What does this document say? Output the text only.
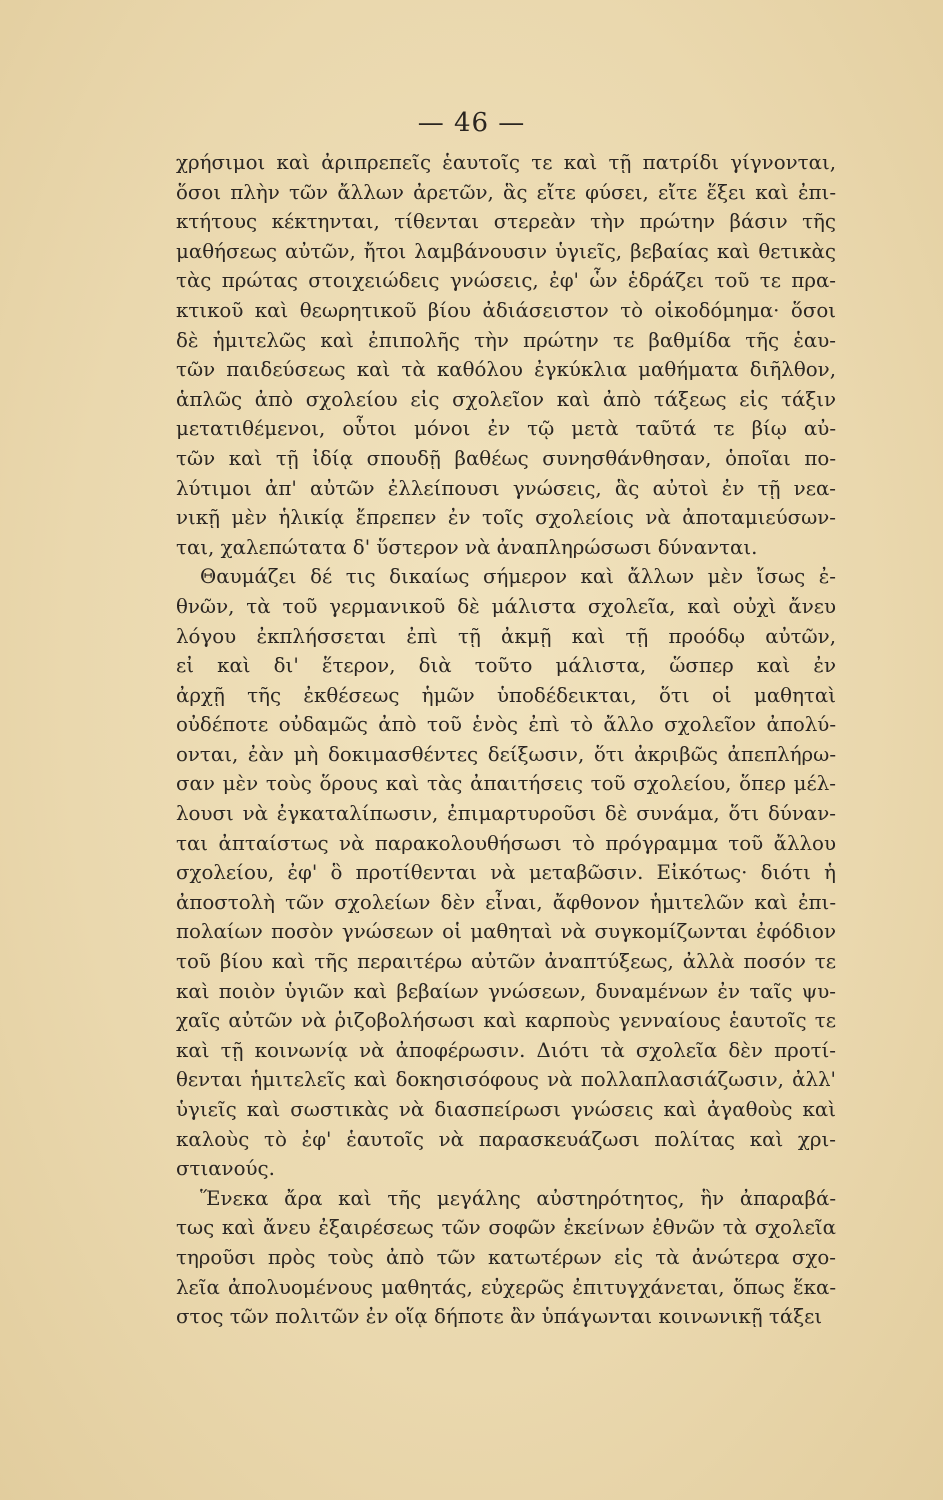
— 46 —
χρήσιμοι καὶ ἀριπρεπεῖς ἑαυτοῖς τε καὶ τῇ πατρίδι γίγνονται,
ὅσοι πλὴν τῶν ἄλλων ἀρετῶν, ἃς εἴτε φύσει, εἴτε ἕξει καὶ ἐπι-
κτήτους κέκτηνται, τίθενται στερεὰν τὴν πρώτην βάσιν τῆς
μαθήσεως αὐτῶν, ἤτοι λαμβάνουσιν ὑγιεῖς, βεβαίας καὶ θετικὰς
τὰς πρώτας στοιχειώδεις γνώσεις, ἐφ' ὧν ἑδράζει τοῦ τε πρα-
κτικοῦ καὶ θεωρητικοῦ βίου ἀδιάσειστον τὸ οἰκοδόμημα· ὅσοι
δὲ ἡμιτελῶς καὶ ἐπιπολῆς τὴν πρώτην τε βαθμίδα τῆς ἑαυ-
τῶν παιδεύσεως καὶ τὰ καθόλου ἐγκύκλια μαθήματα διῆλθον,
ἁπλῶς ἀπὸ σχολείου εἰς σχολεῖον καὶ ἀπὸ τάξεως εἰς τάξιν
μετατιθέμενοι, οὗτοι μόνοι ἐν τῷ μετὰ ταῦτά τε βίῳ αὐ-
τῶν καὶ τῇ ἰδίᾳ σπουδῇ βαθέως συνησθάνθησαν, ὁποῖαι πο-
λύτιμοι ἀπ' αὐτῶν ἐλλείπουσι γνώσεις, ἃς αὐτοὶ ἐν τῇ νεα-
νικῇ μὲν ἡλικίᾳ ἔπρεπεν ἐν τοῖς σχολείοις νὰ ἀποταμιεύσων-
ται, χαλεπώτατα δ' ὕστερον νὰ ἀναπληρώσωσι δύνανται.
Θαυμάζει δέ τις δικαίως σήμερον καὶ ἄλλων μὲν ἴσως ἐ-
θνῶν, τὰ τοῦ γερμανικοῦ δὲ μάλιστα σχολεῖα, καὶ οὐχὶ ἄνευ
λόγου ἐκπλήσσεται ἐπὶ τῇ ἀκμῇ καὶ τῇ προόδῳ αὐτῶν,
εἰ καὶ δι' ἕτερον, διὰ τοῦτο μάλιστα, ὥσπερ καὶ ἐν
ἀρχῇ τῆς ἐκθέσεως ἡμῶν ὑποδέδεικται, ὅτι οἱ μαθηταὶ
οὐδέποτε οὐδαμῶς ἀπὸ τοῦ ἑνὸς ἐπὶ τὸ ἄλλο σχολεῖον ἀπολύ-
ονται, ἐὰν μὴ δοκιμασθέντες δείξωσιν, ὅτι ἀκριβῶς ἀπεπλήρω-
σαν μὲν τοὺς ὅρους καὶ τὰς ἀπαιτήσεις τοῦ σχολείου, ὅπερ μέλ-
λουσι νὰ ἐγκαταλίπωσιν, ἐπιμαρτυροῦσι δὲ συνάμα, ὅτι δύναν-
ται ἀπταίστως νὰ παρακολουθήσωσι τὸ πρόγραμμα τοῦ ἄλλου
σχολείου, ἐφ' ὃ προτίθενται νὰ μεταβῶσιν. Εἰκότως· διότι ἡ
ἀποστολὴ τῶν σχολείων δὲν εἶναι, ἄφθονον ἡμιτελῶν καὶ ἐπι-
πολαίων ποσὸν γνώσεων οἱ μαθηταὶ νὰ συγκομίζωνται ἐφόδιον
τοῦ βίου καὶ τῆς περαιτέρω αὐτῶν ἀναπτύξεως, ἀλλὰ ποσόν τε
καὶ ποιὸν ὑγιῶν καὶ βεβαίων γνώσεων, δυναμένων ἐν ταῖς ψυ-
χαῖς αὐτῶν νὰ ῥιζοβολήσωσι καὶ καρποὺς γενναίους ἑαυτοῖς τε
καὶ τῇ κοινωνίᾳ νὰ ἀποφέρωσιν. Διότι τὰ σχολεῖα δὲν προτί-
θενται ἡμιτελεῖς καὶ δοκησισόφους νὰ πολλαπλασιάζωσιν, ἀλλ'
ὑγιεῖς καὶ σωστικὰς νὰ διασπείρωσι γνώσεις καὶ ἀγαθοὺς καὶ
καλοὺς τὸ ἐφ' ἑαυτοῖς νὰ παρασκευάζωσι πολίτας καὶ χρι-
στιανούς.
Ἕνεκα ἄρα καὶ τῆς μεγάλης αὐστηρότητος, ἣν ἀπαραβά-
τως καὶ ἄνευ ἐξαιρέσεως τῶν σοφῶν ἐκείνων ἐθνῶν τὰ σχολεῖα
τηροῦσι πρὸς τοὺς ἀπὸ τῶν κατωτέρων εἰς τὰ ἀνώτερα σχο-
λεῖα ἀπολυομένους μαθητάς, εὐχερῶς ἐπιτυγχάνεται, ὅπως ἕκα-
στος τῶν πολιτῶν ἐν οἵᾳ δήποτε ἂν ὑπάγωνται κοινωνικῇ τάξει
